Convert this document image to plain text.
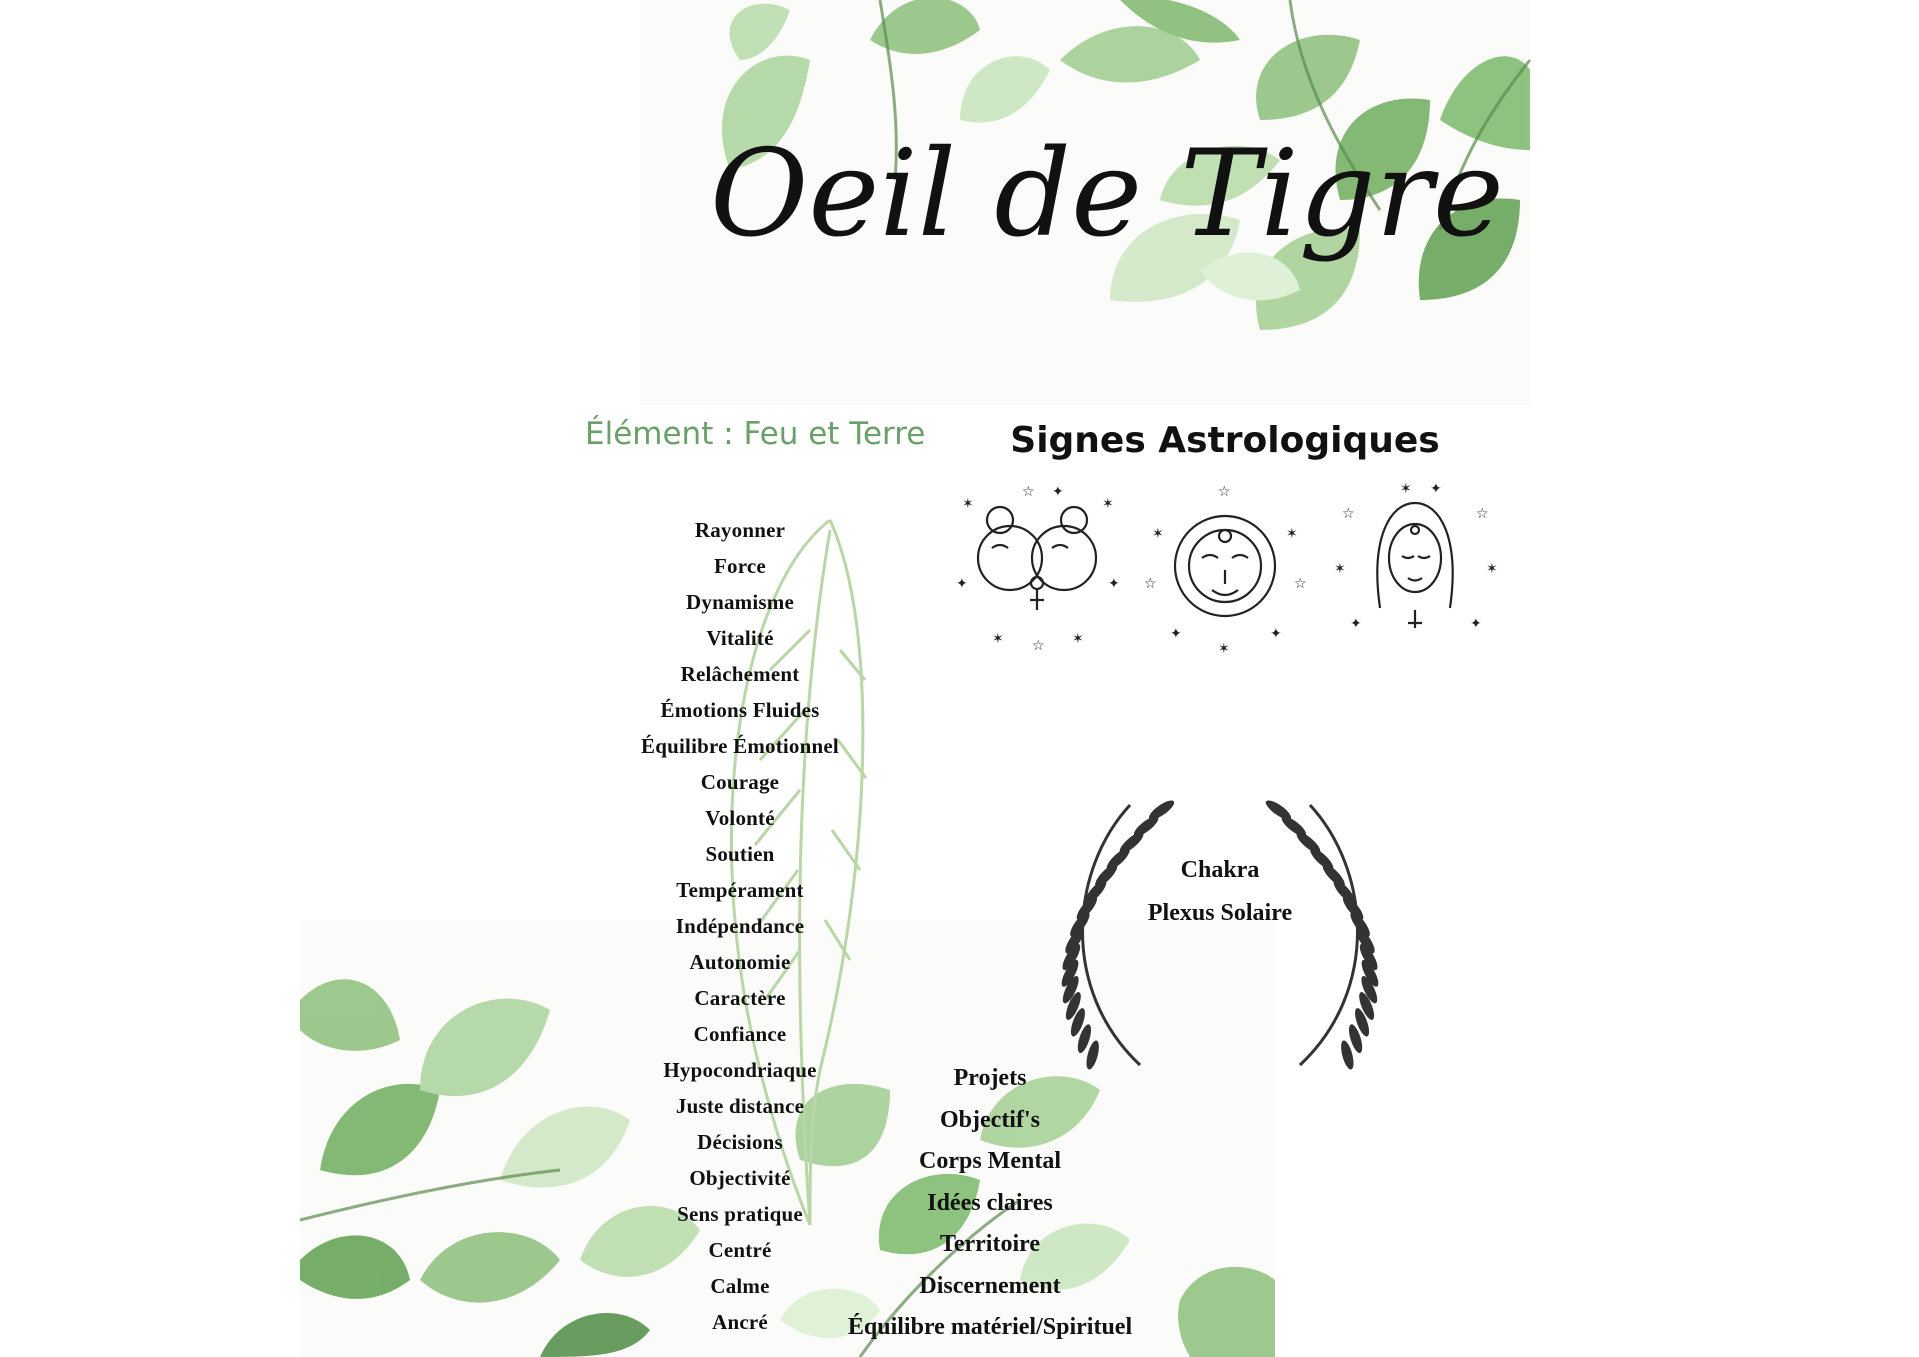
Oeil de Tigre
Élément : Feu et Terre Signes Astrologiques
✶	✶
✦	✦
✶ ☆ ✶
☆ ✦	☆
✶	✶
☆	☆
✦	✦
✶
☆	☆
✶	✶
✦	✦
✶ ✦
Rayonner
Force
Dynamisme
Vitalité
Relâchement
Émotions Fluides
Équilibre Émotionnel
Courage
Volonté
Soutien
Tempérament
Indépendance
Autonomie
Caractère
Confiance
Hypocondriaque
Juste distance
Décisions
Objectivité
Sens pratique
Centré
Calme
Ancré
Chakra
Plexus Solaire
Projets
Objectif's
Corps Mental
Idées claires
Territoire
Discernement
Équilibre matériel/Spirituel
